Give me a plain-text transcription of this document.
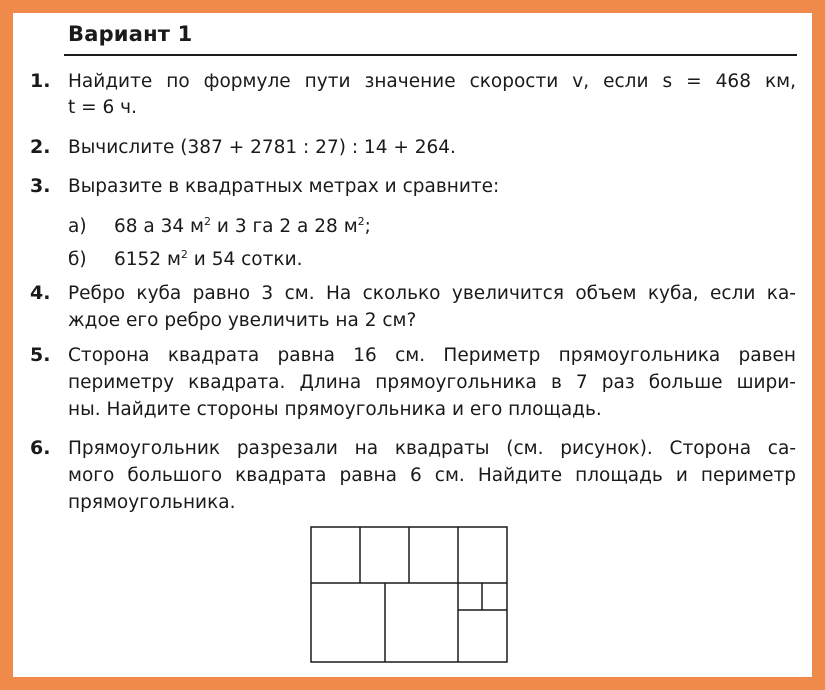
Вариант 1
1. Найдите по формуле пути значение скорости v, если s = 468 км,
t = 6 ч.
2. Вычислите (387 + 2781 : 27) : 14 + 264.
3. Выразите в квадратных метрах и сравните:
а) 68 а 34 $м^2$ и 3 га 2 а 28 $м^2$;
б) 6152 $м^2$ и 54 сотки.
4. Ребро куба равно 3 см. На сколько увеличится объем куба, если ка-
ждое его ребро увеличить на 2 см?
5. Сторона квадрата равна 16 см. Периметр прямоугольника равен
периметру квадрата. Длина прямоугольника в 7 раз больше шири-
ны. Найдите стороны прямоугольника и его площадь.
6. Прямоугольник разрезали на квадраты (см. рисунок). Сторона са-
мого большого квадрата равна 6 см. Найдите площадь и периметр
прямоугольника.
